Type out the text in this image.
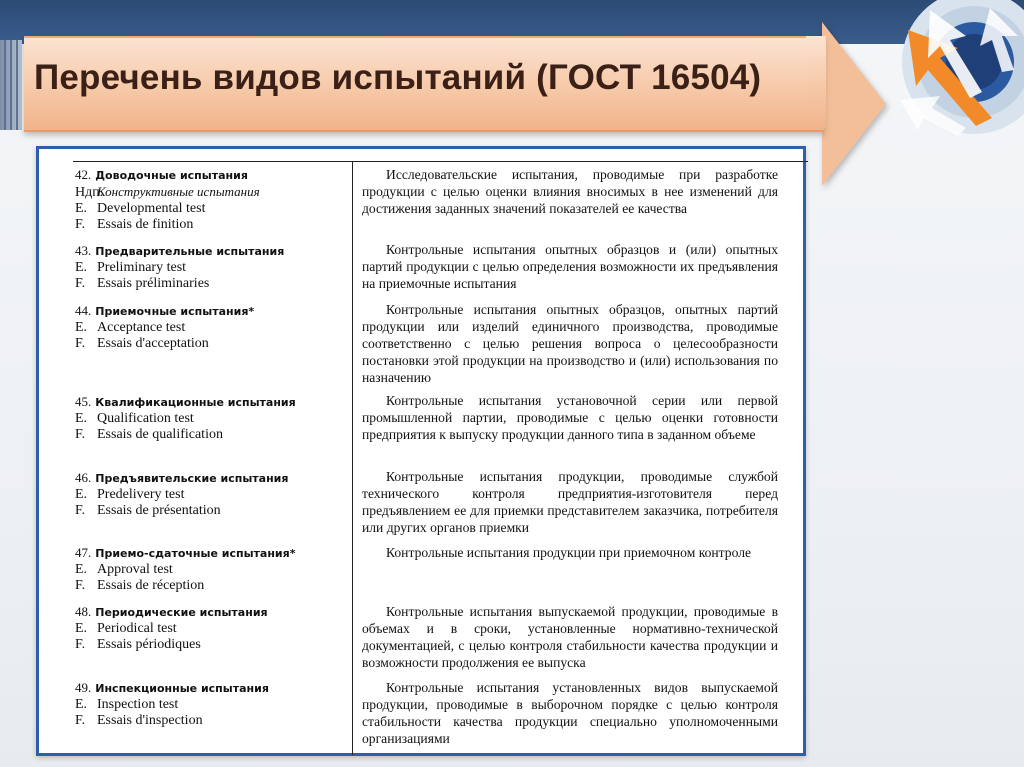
Перечень видов испытаний (ГОСТ 16504)
42. Доводочные испытания
Ндп.Конструктивные испытания
E. Developmental test
F. Essais de finition
Исследовательские испытания, проводимые при разработке продукции с целью оценки влияния вносимых в нее изменений для достижения заданных значений показателей ее качества
43. Предварительные испытания
E. Preliminary test
F. Essais préliminaries
Контрольные испытания опытных образцов и (или) опытных партий продукции с целью определения возможности их предъявления на приемочные испытания
44. Приемочные испытания*
E. Acceptance test
F. Essais d'acceptation
Контрольные испытания опытных образцов, опытных партий продукции или изделий единичного производства, проводимые соответственно с целью решения вопроса о целесообразности постановки этой продукции на производство и (или) использования по назначению
45. Квалификационные испытания
E. Qualification test
F. Essais de qualification
Контрольные испытания установочной серии или первой промышленной партии, проводимые с целью оценки готовности предприятия к выпуску продукции данного типа в заданном объеме
46. Предъявительские испытания
E. Predelivery test
F. Essais de présentation
Контрольные испытания продукции, проводимые службой технического контроля предприятия-изготовителя перед предъявлением ее для приемки представителем заказчика, потребителя или других органов приемки
47. Приемо-сдаточные испытания*
E. Approval test
F. Essais de réception
Контрольные испытания продукции при приемочном контроле
48. Периодические испытания
E. Periodical test
F. Essais périodiques
Контрольные испытания выпускаемой продукции, проводимые в объемах и в сроки, установленные нормативно-технической документацией, с целью контроля стабильности качества продукции и возможности продолжения ее выпуска
49. Инспекционные испытания
E. Inspection test
F. Essais d'inspection
Контрольные испытания установленных видов выпускаемой продукции, проводимые в выборочном порядке с целью контроля стабильности качества продукции специально уполномоченными организациями
